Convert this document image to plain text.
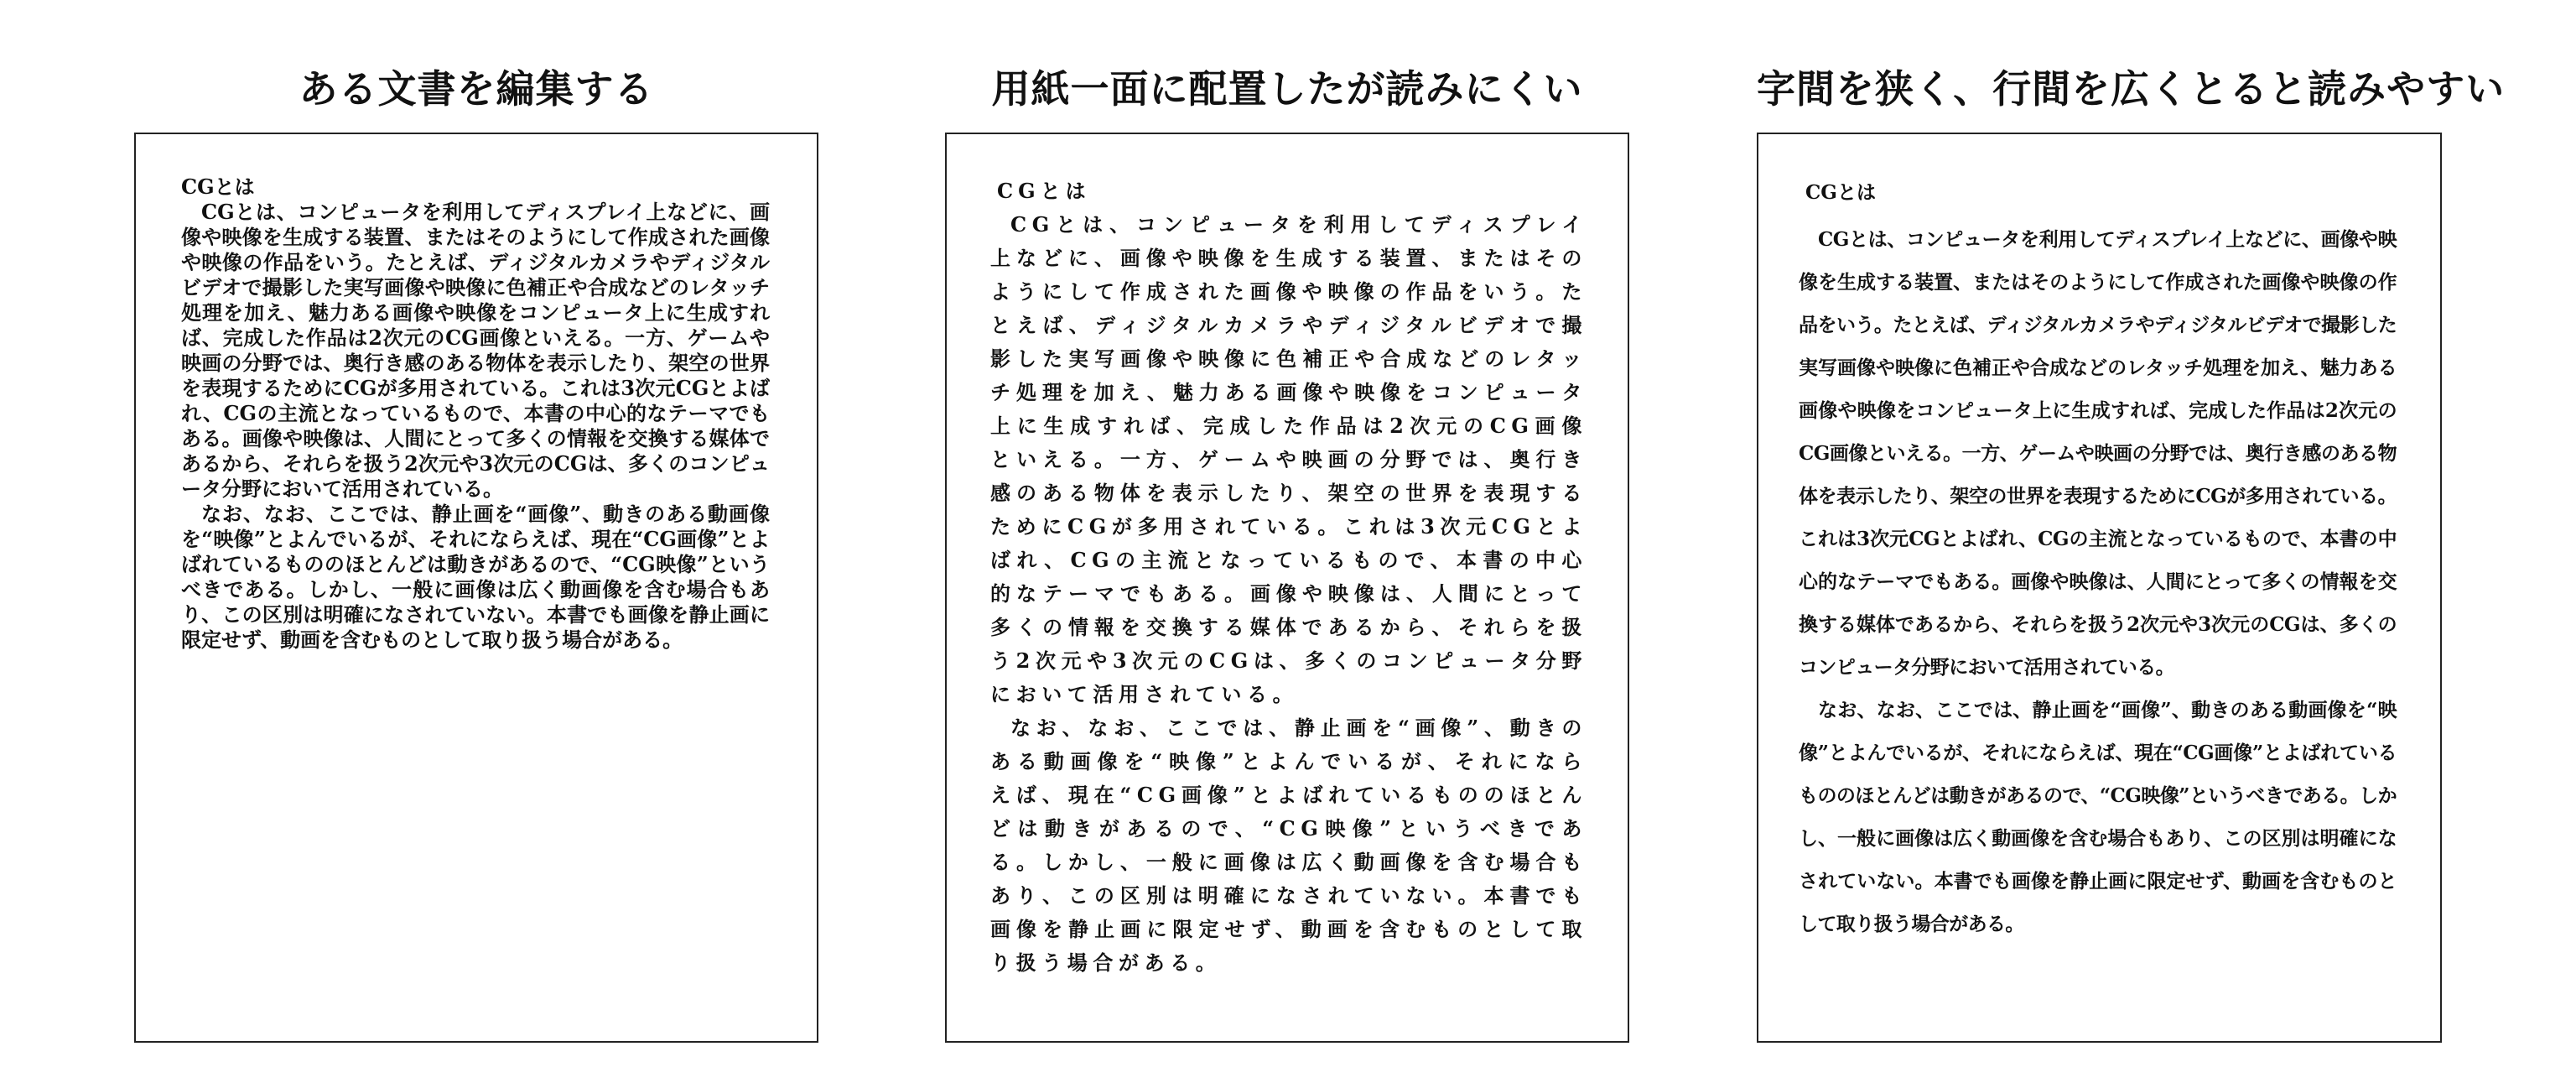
ある文書を編集する

CGとは

CGとは、コンピュータを利用してディスプレイ上などに、画像や映像を生成する装置、またはそのようにして作成された画像や映像の作品をいう。たとえば、ディジタルカメラやディジタルビデオで撮影した実写画像や映像に色補正や合成などのレタッチ処理を加え、魅力ある画像や映像をコンピュータ上に生成すれば、完成した作品は2次元のCG画像といえる。一方、ゲームや映画の分野では、奥行き感のある物体を表示したり、架空の世界を表現するためにCGが多用されている。これは3次元CGとよばれ、CGの主流となっているもので、本書の中心的なテーマでもある。画像や映像は、人間にとって多くの情報を交換する媒体であるから、それらを扱う2次元や3次元のCGは、多くのコンピュータ分野において活用されている。

なお、なお、ここでは、静止画を“画像”、動きのある動画像を“映像”とよんでいるが、それにならえば、現在“CG画像”とよばれているもののほとんどは動きがあるので、“CG映像”というべきである。しかし、一般に画像は広く動画像を含む場合もあり、この区別は明確になされていない。本書でも画像を静止画に限定せず、動画を含むものとして取り扱う場合がある。

用紙一面に配置したが読みにくい

CGとは

CGとは、コンピュータを利用してディスプレイ上などに、画像や映像を生成する装置、またはそのようにして作成された画像や映像の作品をいう。たとえば、ディジタルカメラやディジタルビデオで撮影した実写画像や映像に色補正や合成などのレタッチ処理を加え、魅力ある画像や映像をコンピュータ上に生成すれば、完成した作品は2次元のCG画像といえる。一方、ゲームや映画の分野では、奥行き感のある物体を表示したり、架空の世界を表現するためにCGが多用されている。これは3次元CGとよばれ、CGの主流となっているもので、本書の中心的なテーマでもある。画像や映像は、人間にとって多くの情報を交換する媒体であるから、それらを扱う2次元や3次元のCGは、多くのコンピュータ分野において活用されている。

なお、なお、ここでは、静止画を“画像”、動きのある動画像を“映像”とよんでいるが、それにならえば、現在“CG画像”とよばれているもののほとんどは動きがあるので、“CG映像”というべきである。しかし、一般に画像は広く動画像を含む場合もあり、この区別は明確になされていない。本書でも画像を静止画に限定せず、動画を含むものとして取り扱う場合がある。

字間を狭く、行間を広くとると読みやすい

CGとは

CGとは、コンピュータを利用してディスプレイ上などに、画像や映像を生成する装置、またはそのようにして作成された画像や映像の作品をいう。たとえば、ディジタルカメラやディジタルビデオで撮影した実写画像や映像に色補正や合成などのレタッチ処理を加え、魅力ある画像や映像をコンピュータ上に生成すれば、完成した作品は2次元のCG画像といえる。一方、ゲームや映画の分野では、奥行き感のある物体を表示したり、架空の世界を表現するためにCGが多用されている。これは3次元CGとよばれ、CGの主流となっているもので、本書の中心的なテーマでもある。画像や映像は、人間にとって多くの情報を交換する媒体であるから、それらを扱う2次元や3次元のCGは、多くのコンピュータ分野において活用されている。

なお、なお、ここでは、静止画を“画像”、動きのある動画像を“映像”とよんでいるが、それにならえば、現在“CG画像”とよばれているもののほとんどは動きがあるので、“CG映像”というべきである。しかし、一般に画像は広く動画像を含む場合もあり、この区別は明確になされていない。本書でも画像を静止画に限定せず、動画を含むものとして取り扱う場合がある。
